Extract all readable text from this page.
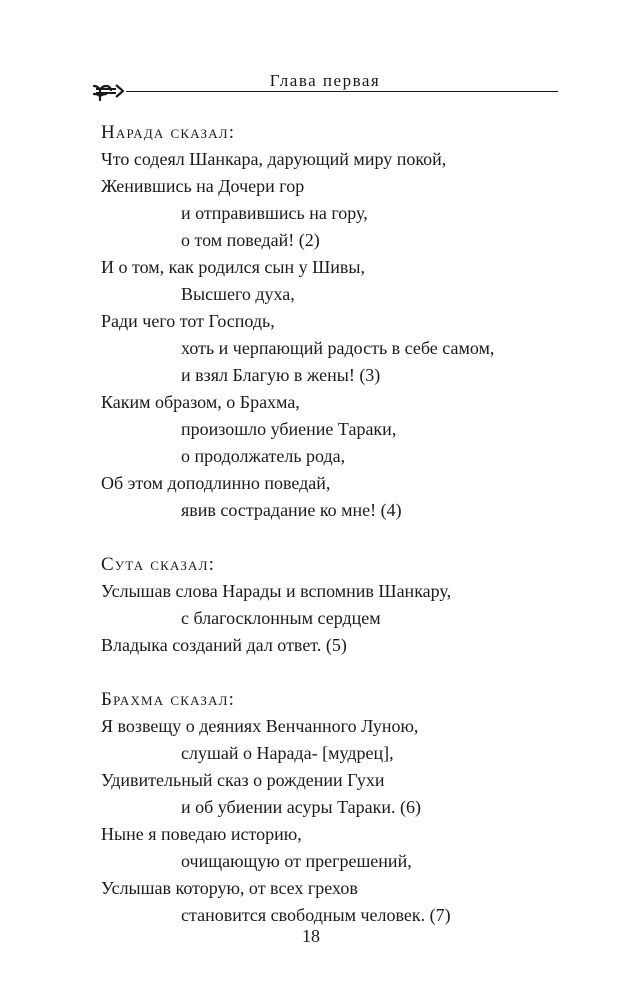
Глава первая
Нарада сказал:
Что содеял Шанкара, дарующий миру покой,
Женившись на Дочери гор
и отправившись на гору,
о том поведай! (2)
И о том, как родился сын у Шивы,
Высшего духа,
Ради чего тот Господь,
хоть и черпающий радость в себе самом,
и взял Благую в жены! (3)
Каким образом, о Брахма,
произошло убиение Тараки,
о продолжатель рода,
Об этом доподлинно поведай,
явив сострадание ко мне! (4)
Сута сказал:
Услышав слова Нарады и вспомнив Шанкару,
с благосклонным сердцем
Владыка созданий дал ответ. (5)
Брахма сказал:
Я возвещу о деяниях Венчанного Луною,
слушай о Нарада- [мудрец],
Удивительный сказ о рождении Гухи
и об убиении асуры Тараки. (6)
Ныне я поведаю историю,
очищающую от прегрешений,
Услышав которую, от всех грехов
становится свободным человек. (7)
18
